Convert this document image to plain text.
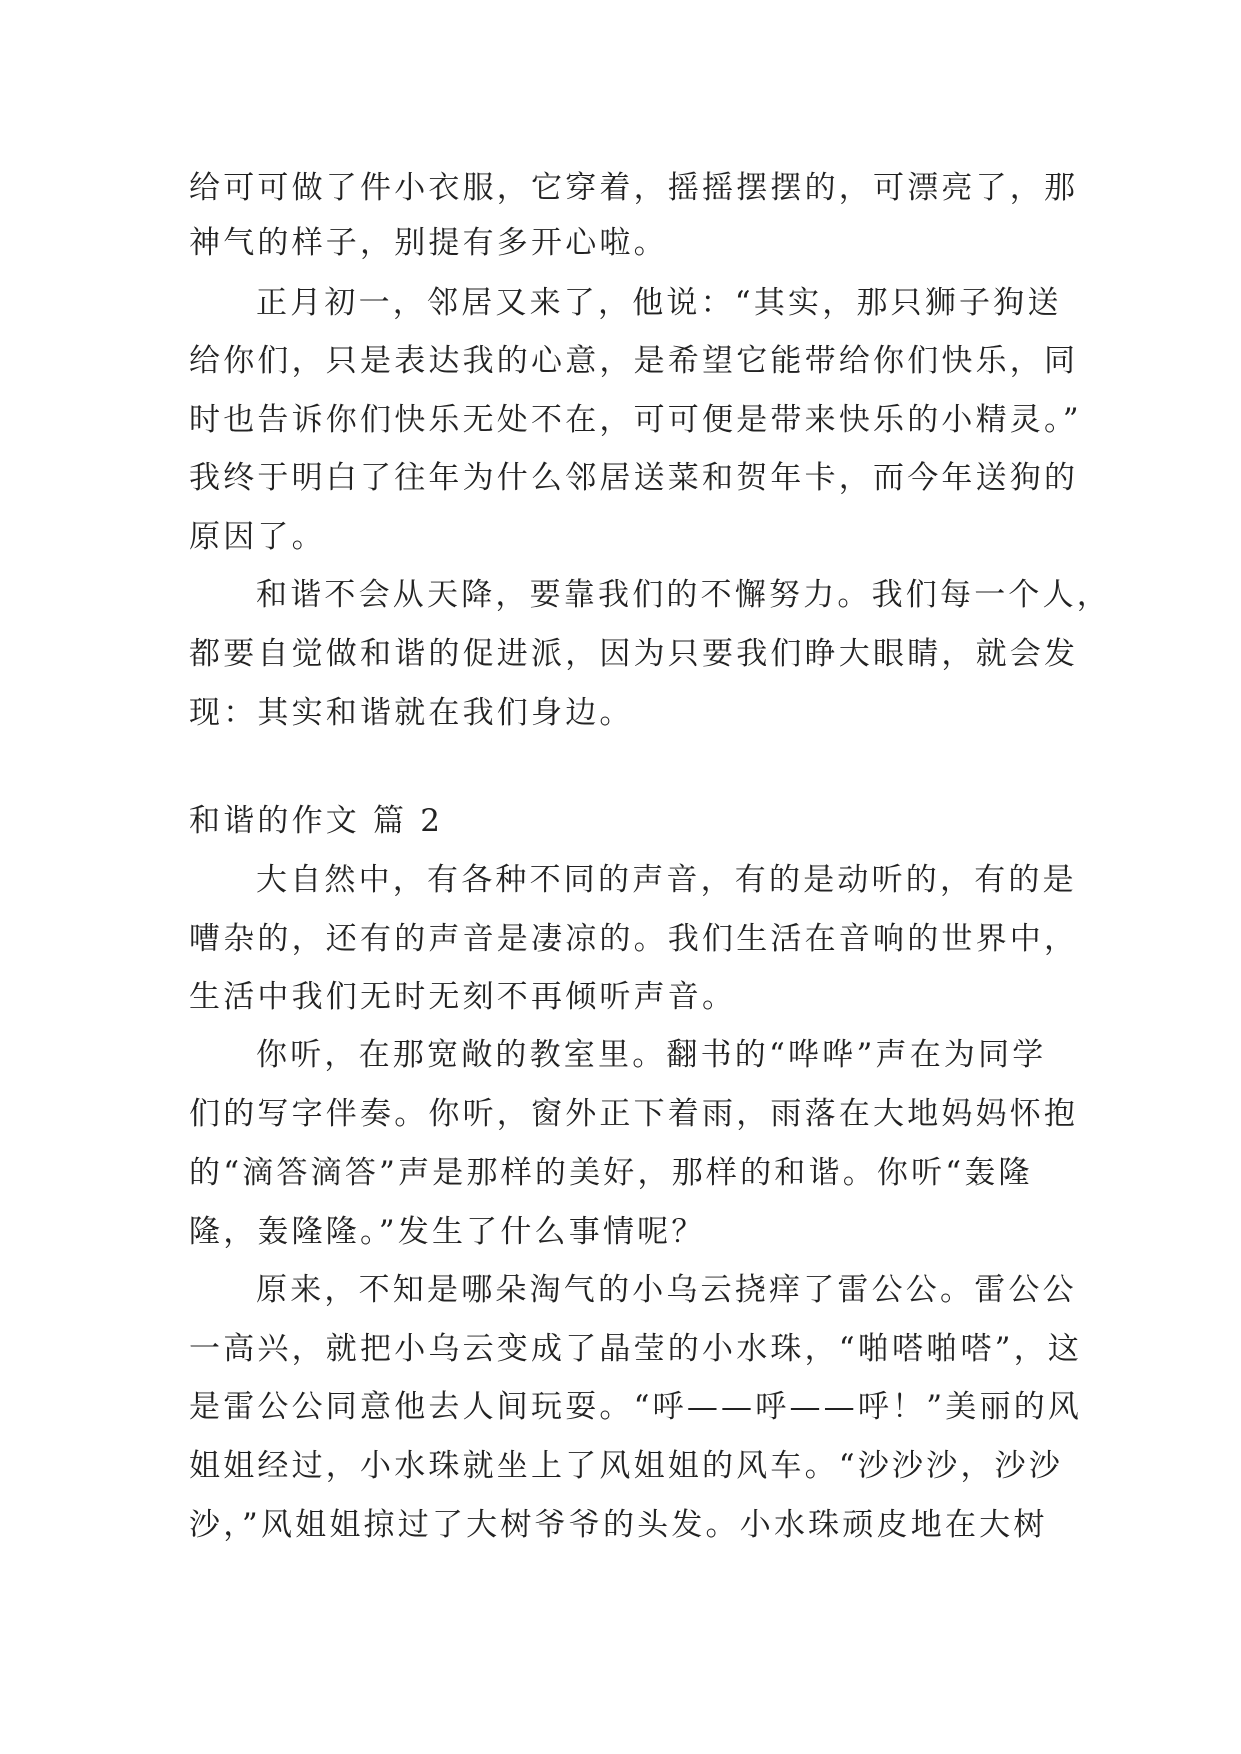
给可可做了件小衣服，它穿着，摇摇摆摆的，可漂亮了，那
神气的样子，别提有多开心啦。
正月初一，邻居又来了，他说：“其实，那只狮子狗送
给你们，只是表达我的心意，是希望它能带给你们快乐，同
时也告诉你们快乐无处不在，可可便是带来快乐的小精灵。”
我终于明白了往年为什么邻居送菜和贺年卡，而今年送狗的
原因了。
和谐不会从天降，要靠我们的不懈努力。我们每一个人，
都要自觉做和谐的促进派，因为只要我们睁大眼睛，就会发
现：其实和谐就在我们身边。
和谐的作文 篇 2
大自然中，有各种不同的声音，有的是动听的，有的是
嘈杂的，还有的声音是凄凉的。我们生活在音响的世界中，
生活中我们无时无刻不再倾听声音。
你听，在那宽敞的教室里。翻书的“哗哗”声在为同学
们的写字伴奏。你听，窗外正下着雨，雨落在大地妈妈怀抱
的“滴答滴答”声是那样的美好，那样的和谐。你听“轰隆
隆，轰隆隆。”发生了什么事情呢？
原来，不知是哪朵淘气的小乌云挠痒了雷公公。雷公公
一高兴，就把小乌云变成了晶莹的小水珠，“啪嗒啪嗒”，这
是雷公公同意他去人间玩耍。“呼——呼——呼！”美丽的风
姐姐经过，小水珠就坐上了风姐姐的风车。“沙沙沙，沙沙
沙，”风姐姐掠过了大树爷爷的头发。小水珠顽皮地在大树
